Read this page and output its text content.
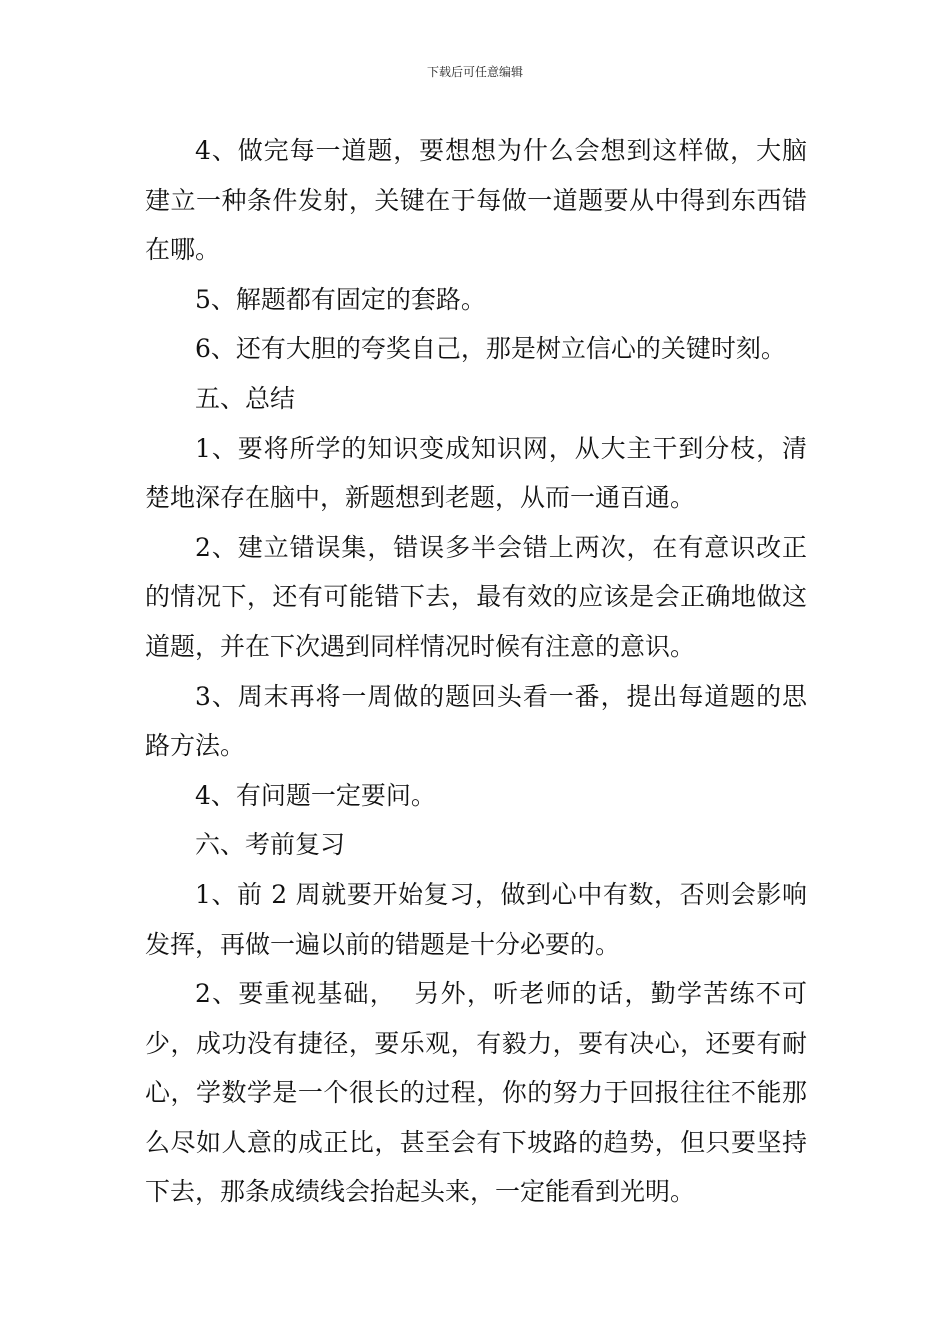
下载后可任意编辑

4、做完每一道题，要想想为什么会想到这样做，大脑建立一种条件发射，关键在于每做一道题要从中得到东西错在哪。

5、解题都有固定的套路。

6、还有大胆的夸奖自己，那是树立信心的关键时刻。

五、总结

1、要将所学的知识变成知识网，从大主干到分枝，清楚地深存在脑中，新题想到老题，从而一通百通。

2、建立错误集，错误多半会错上两次，在有意识改正的情况下，还有可能错下去，最有效的应该是会正确地做这道题，并在下次遇到同样情况时候有注意的意识。

3、周末再将一周做的题回头看一番，提出每道题的思路方法。

4、有问题一定要问。

六、考前复习

1、前 2 周就要开始复习，做到心中有数，否则会影响发挥，再做一遍以前的错题是十分必要的。

2、要重视基础，  另外，听老师的话，勤学苦练不可少，成功没有捷径，要乐观，有毅力，要有决心，还要有耐心，学数学是一个很长的过程，你的努力于回报往往不能那么尽如人意的成正比，甚至会有下坡路的趋势，但只要坚持下去，那条成绩线会抬起头来，一定能看到光明。
